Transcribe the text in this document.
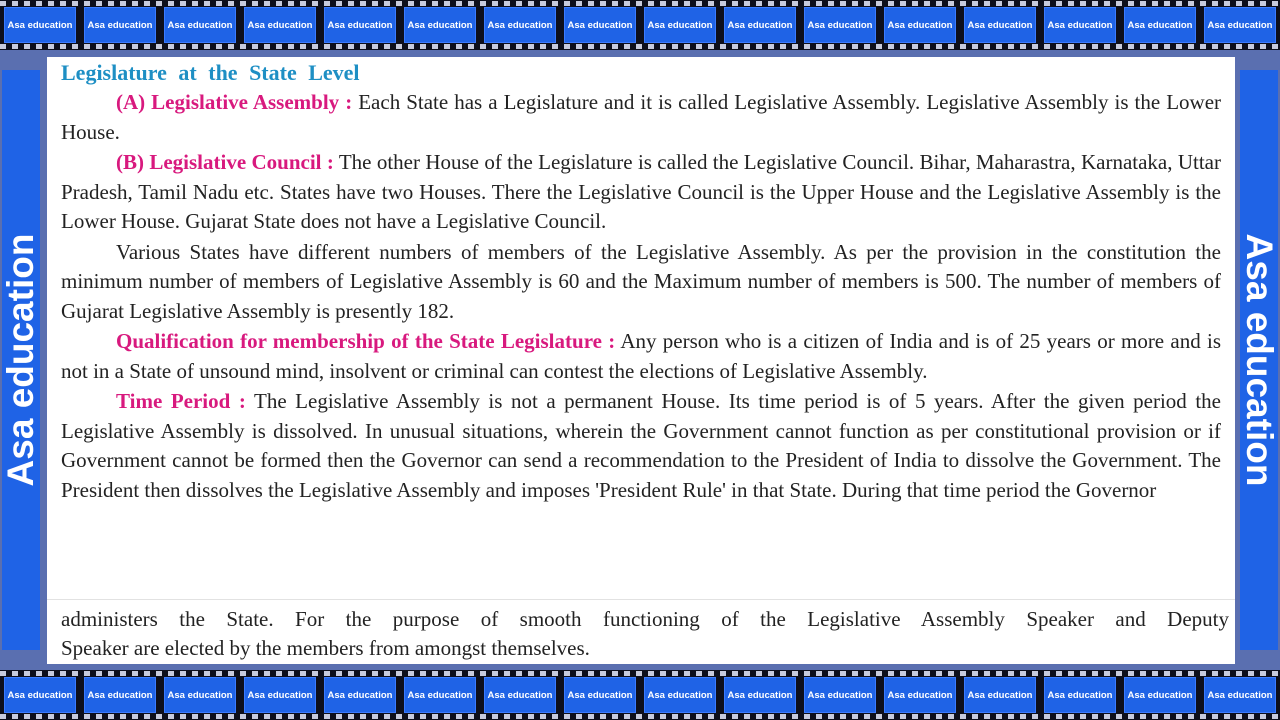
Asa education	Asa education	Asa education	Asa education	Asa education	Asa education	Asa education	Asa education	Asa education	Asa education	Asa education	Asa education	Asa education	Asa education	Asa education	Asa education
Asa education	Asa education
Legislature at the State Level

(A) Legislative Assembly : Each State has a Legislature and it is called Legislative Assembly. Legislative Assembly is the Lower House.

(B) Legislative Council : The other House of the Legislature is called the Legislative Council. Bihar, Maharastra, Karnataka, Uttar Pradesh, Tamil Nadu etc. States have two Houses. There the Legislative Council is the Upper House and the Legislative Assembly is the Lower House. Gujarat State does not have a Legislative Council.

Various States have different numbers of members of the Legislative Assembly. As per the provision in the constitution the minimum number of members of Legislative Assembly is 60 and the Maximum number of members is 500. The number of members of Gujarat Legislative Assembly is presently 182.

Qualification for membership of the State Legislature : Any person who is a citizen of India and is of 25 years or more and is not in a State of unsound mind, insolvent or criminal can contest the elections of Legislative Assembly.

Time Period : The Legislative Assembly is not a permanent House. Its time period is of 5 years. After the given period the Legislative Assembly is dissolved. In unusual situations, wherein the Government cannot function as per constitutional provision or if Government cannot be formed then the Governor can send a recommendation to the President of India to dissolve the Government. The President then dissolves the Legislative Assembly and imposes 'President Rule' in that State. During that time period the Governor

administers the State. For the purpose of smooth functioning of the Legislative Assembly Speaker and Deputy
Speaker are elected by the members from amongst themselves.
Asa education	Asa education	Asa education	Asa education	Asa education	Asa education	Asa education	Asa education	Asa education	Asa education	Asa education	Asa education	Asa education	Asa education	Asa education	Asa education
